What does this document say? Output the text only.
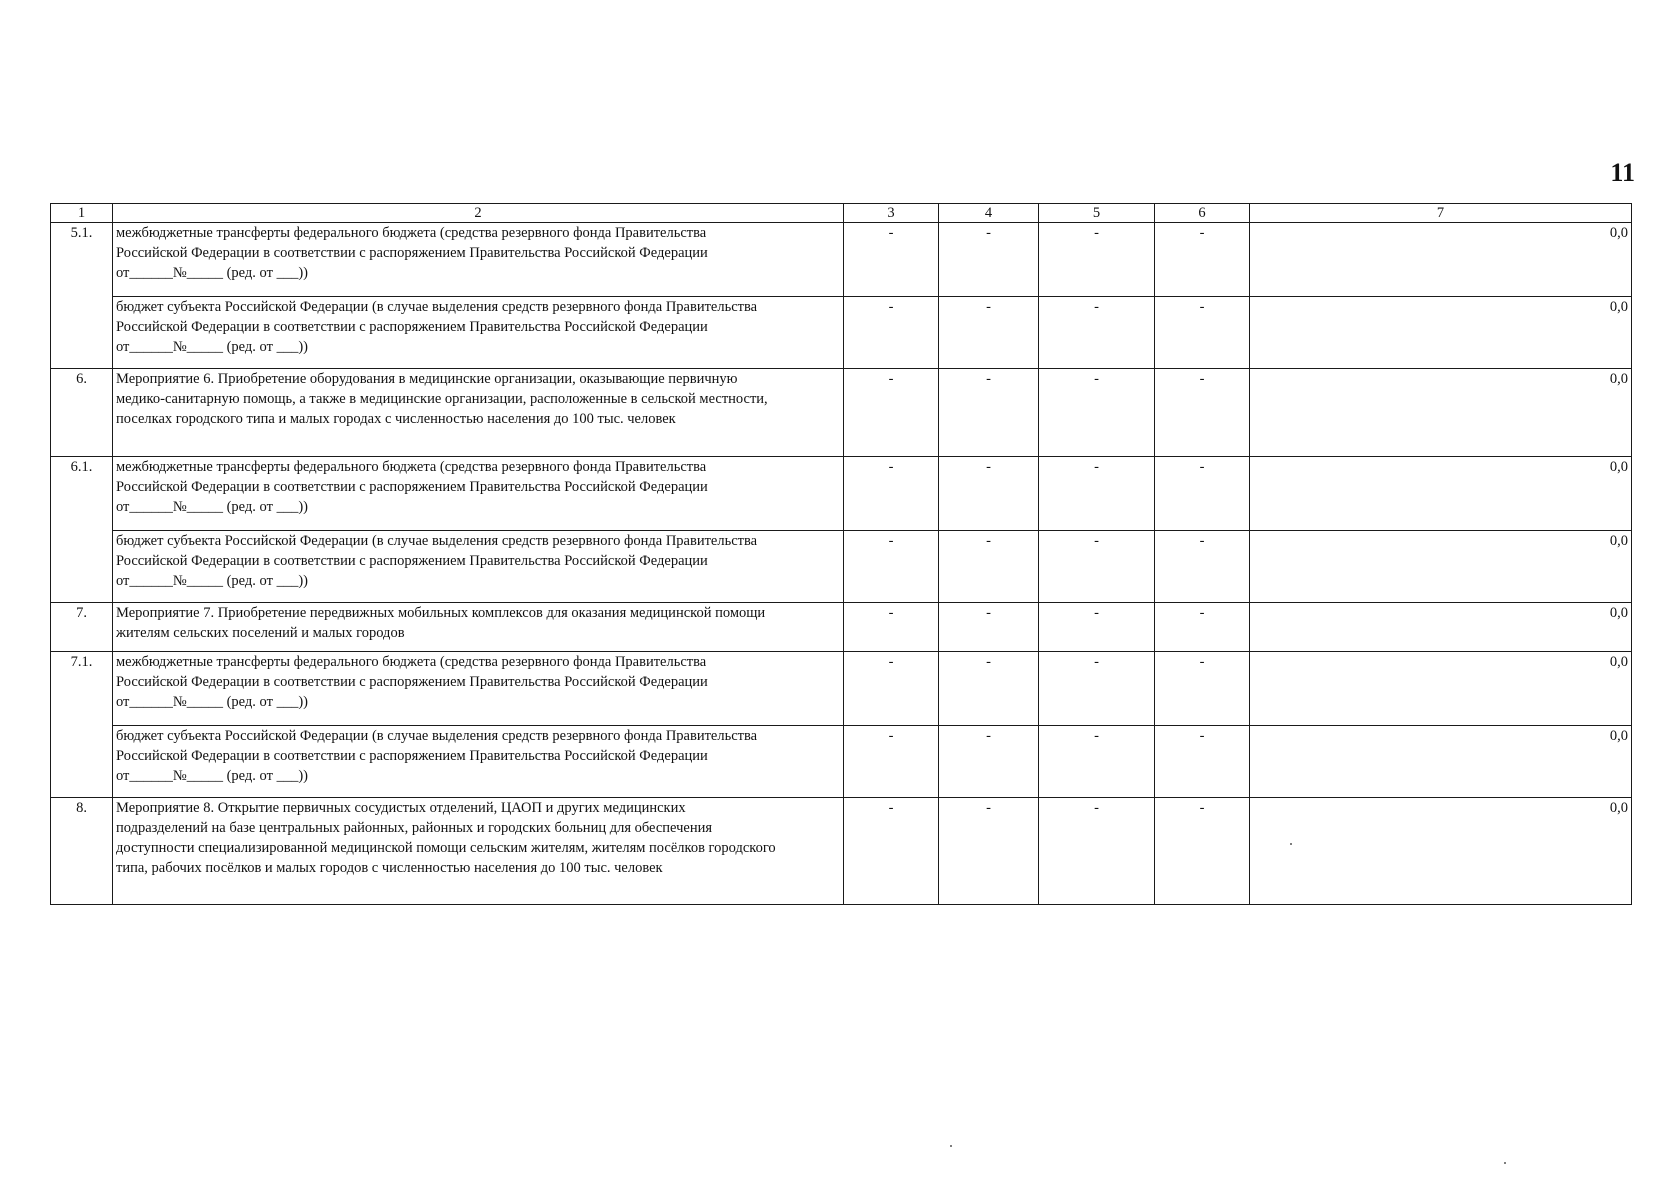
11
1	2	3	4	5	6	7
5.1.	межбюджетные трансферты федерального бюджета (средства резервного фонда Правительства
Российской Федерации в соответствии с распоряжением Правительства Российской Федерации
от______№_____ (ред. от ___))	-	-	-	-	0,0

	бюджет субъекта Российской Федерации (в случае выделения средств резервного фонда Правительства
Российской Федерации в соответствии с распоряжением Правительства Российской Федерации
от______№_____ (ред. от ___))	-	-	-	-	0,0
6.	Мероприятие 6. Приобретение оборудования в медицинские организации, оказывающие первичную
медико-санитарную помощь, а также в медицинские организации, расположенные в сельской местности,
поселках городского типа и малых городах с численностью населения до 100 тыс. человек	-	-	-	-	0,0
6.1.	межбюджетные трансферты федерального бюджета (средства резервного фонда Правительства
Российской Федерации в соответствии с распоряжением Правительства Российской Федерации
от______№_____ (ред. от ___))	-	-	-	-	0,0

	бюджет субъекта Российской Федерации (в случае выделения средств резервного фонда Правительства
Российской Федерации в соответствии с распоряжением Правительства Российской Федерации
от______№_____ (ред. от ___))	-	-	-	-	0,0
7.	Мероприятие 7. Приобретение передвижных мобильных комплексов для оказания медицинской помощи
жителям сельских поселений и малых городов	-	-	-	-	0,0
7.1.	межбюджетные трансферты федерального бюджета (средства резервного фонда Правительства
Российской Федерации в соответствии с распоряжением Правительства Российской Федерации
от______№_____ (ред. от ___))	-	-	-	-	0,0

	бюджет субъекта Российской Федерации (в случае выделения средств резервного фонда Правительства
Российской Федерации в соответствии с распоряжением Правительства Российской Федерации
от______№_____ (ред. от ___))	-	-	-	-	0,0
8.	Мероприятие 8. Открытие первичных сосудистых отделений, ЦАОП и других медицинских
подразделений на базе центральных районных, районных и городских больниц для обеспечения
доступности специализированной медицинской помощи сельским жителям, жителям посёлков городского
типа, рабочих посёлков и малых городов с численностью населения до 100 тыс. человек	-	-	-	-	0,0
